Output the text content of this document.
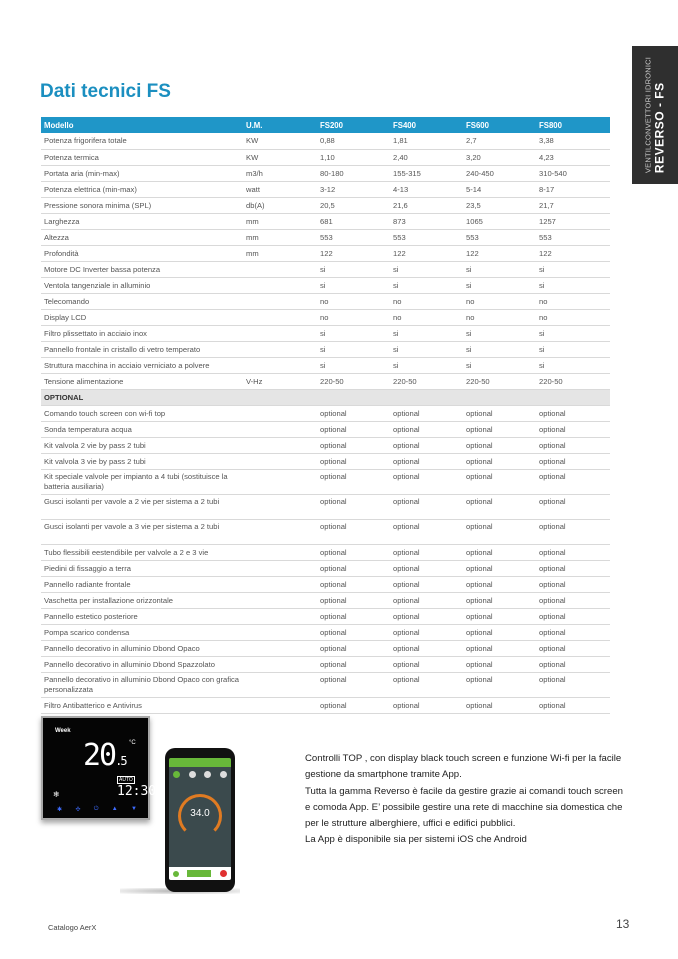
VENTILCONVETTORI IDRONICI REVERSO - FS
Dati tecnici FS
Modello	U.M.	FS200	FS400	FS600	FS800
Potenza frigorifera totale	KW	0,88	1,81	2,7	3,38
Potenza termica	KW	1,10	2,40	3,20	4,23
Portata aria (min-max)	m3/h	80-180	155-315	240-450	310-540
Potenza elettrica (min-max)	watt	3-12	4-13	5-14	8-17
Pressione sonora minima (SPL)	db(A)	20,5	21,6	23,5	21,7
Larghezza	mm	681	873	1065	1257
Altezza	mm	553	553	553	553
Profondità	mm	122	122	122	122
Motore DC Inverter bassa potenza		si	si	si	si
Ventola tangenziale in alluminio		si	si	si	si
Telecomando		no	no	no	no
Display LCD		no	no	no	no
Filtro plissettato in acciaio inox		si	si	si	si
Pannello frontale in cristallo di vetro temperato		si	si	si	si
Struttura macchina in acciaio verniciato a polvere		si	si	si	si
Tensione alimentazione	V-Hz	220-50	220-50	220-50	220-50
OPTIONAL					
Comando touch screen con wi-fi top		optional	optional	optional	optional
Sonda temperatura acqua		optional	optional	optional	optional
Kit valvola 2 vie by pass 2 tubi		optional	optional	optional	optional
Kit valvola 3 vie by pass 2 tubi		optional	optional	optional	optional
Kit speciale valvole per impianto a 4 tubi (sostituisce la batteria ausiliaria)		optional	optional	optional	optional
Gusci isolanti per vavole a 2 vie per sistema a 2 tubi		optional	optional	optional	optional
Gusci isolanti per vavole a 3 vie per sistema a 2 tubi		optional	optional	optional	optional
Tubo flessibili eestendibile per valvole a 2 e 3 vie		optional	optional	optional	optional
Piedini di fissaggio a terra		optional	optional	optional	optional
Pannello radiante frontale		optional	optional	optional	optional
Vaschetta per installazione orizzontale		optional	optional	optional	optional
Pannello estetico posteriore		optional	optional	optional	optional
Pompa scarico condensa		optional	optional	optional	optional
Pannello decorativo in alluminio Dbond Opaco		optional	optional	optional	optional
Pannello decorativo in alluminio Dbond Spazzolato		optional	optional	optional	optional
Pannello decorativo in alluminio Dbond Opaco con grafica personalizzata		optional	optional	optional	optional
Filtro Antibatterico e Antivirus		optional	optional	optional	optional
Week
20.5
°C
❄
AUTO
12:30
✱ ✣ ⏻ ▲ ▼	34.0

Controlli TOP , con display black touch screen e funzione Wi-fi per la facile gestione da smartphone tramite App.

Tutta la gamma Reverso è facile da gestire grazie ai comandi touch screen e comoda App. E’ possibile gestire una rete di macchine sia domestica che per le strutture alberghiere, uffici e edifici pubblici.

La App è disponibile sia per sistemi iOS che Android

Catalogo AerX	13
